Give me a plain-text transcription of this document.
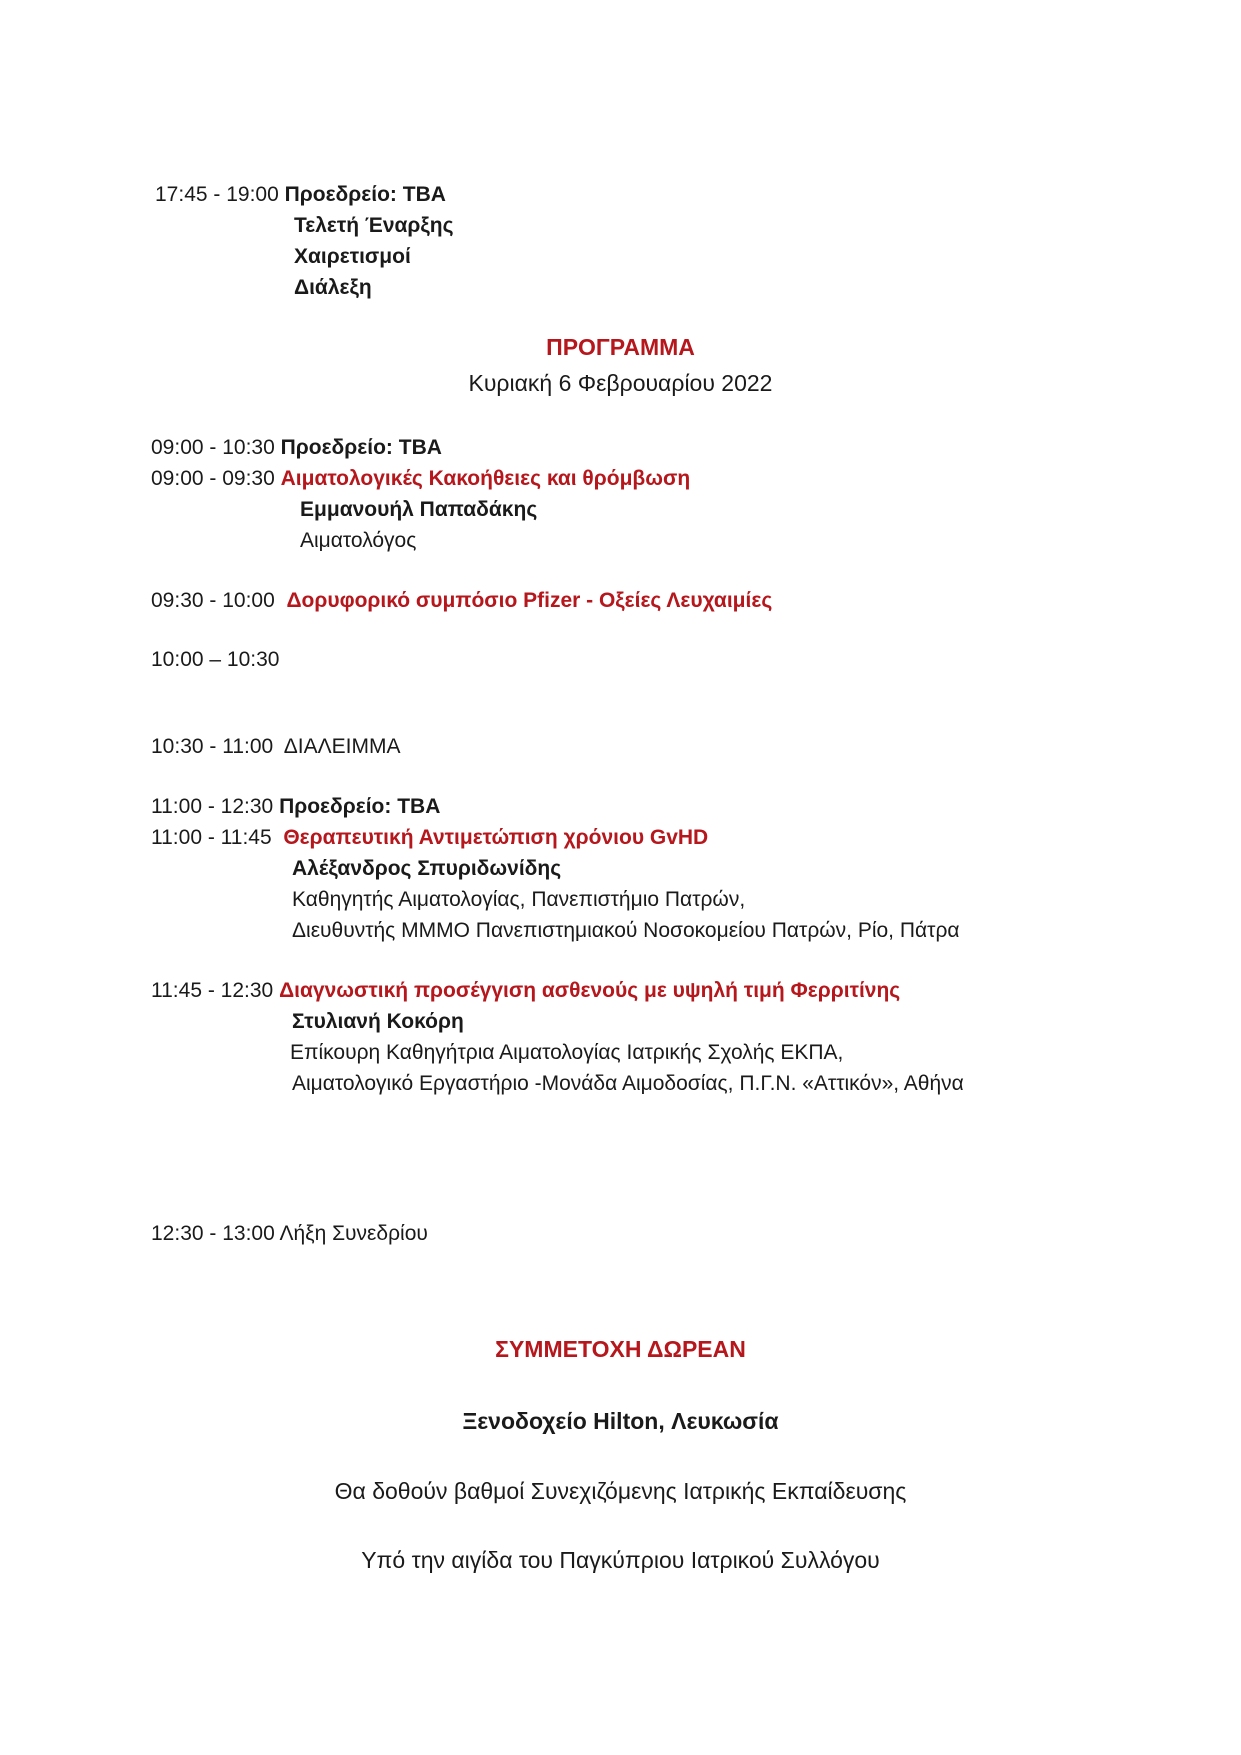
17:45 - 19:00 Προεδρείο: TBA
Τελετή Έναρξης
Χαιρετισμοί
Διάλεξη
ΠΡΟΓΡΑΜΜΑ
Κυριακή 6 Φεβρουαρίου 2022
09:00 - 10:30 Προεδρείο: TBA
09:00 - 09:30 Αιματολογικές Κακοήθειες και θρόμβωση
Εμμανουήλ Παπαδάκης
Αιματολόγος
09:30 - 10:00 Δορυφορικό συμπόσιο Pfizer - Οξείες Λευχαιμίες
10:00 – 10:30
10:30 - 11:00 ΔΙΑΛΕΙΜΜΑ
11:00 - 12:30 Προεδρείο: TBA
11:00 - 11:45 Θεραπευτική Αντιμετώπιση χρόνιου GvHD
Αλέξανδρος Σπυριδωνίδης
Καθηγητής Αιματολογίας, Πανεπιστήμιο Πατρών,
Διευθυντής ΜΜΜΟ Πανεπιστημιακού Νοσοκομείου Πατρών, Ρίο, Πάτρα
11:45 - 12:30 Διαγνωστική προσέγγιση ασθενούς με υψηλή τιμή Φερριτίνης
Στυλιανή Κοκόρη
Επίκουρη Καθηγήτρια Αιματολογίας Ιατρικής Σχολής ΕΚΠΑ,
Αιματολογικό Εργαστήριο -Μονάδα Αιμοδοσίας, Π.Γ.Ν. «Αττικόν», Αθήνα
12:30 - 13:00 Λήξη Συνεδρίου
ΣΥΜΜΕΤΟΧΗ ΔΩΡΕΑΝ
Ξενοδοχείο Hilton, Λευκωσία
Θα δοθούν βαθμοί Συνεχιζόμενης Ιατρικής Εκπαίδευσης
Υπό την αιγίδα του Παγκύπριου Ιατρικού Συλλόγου
